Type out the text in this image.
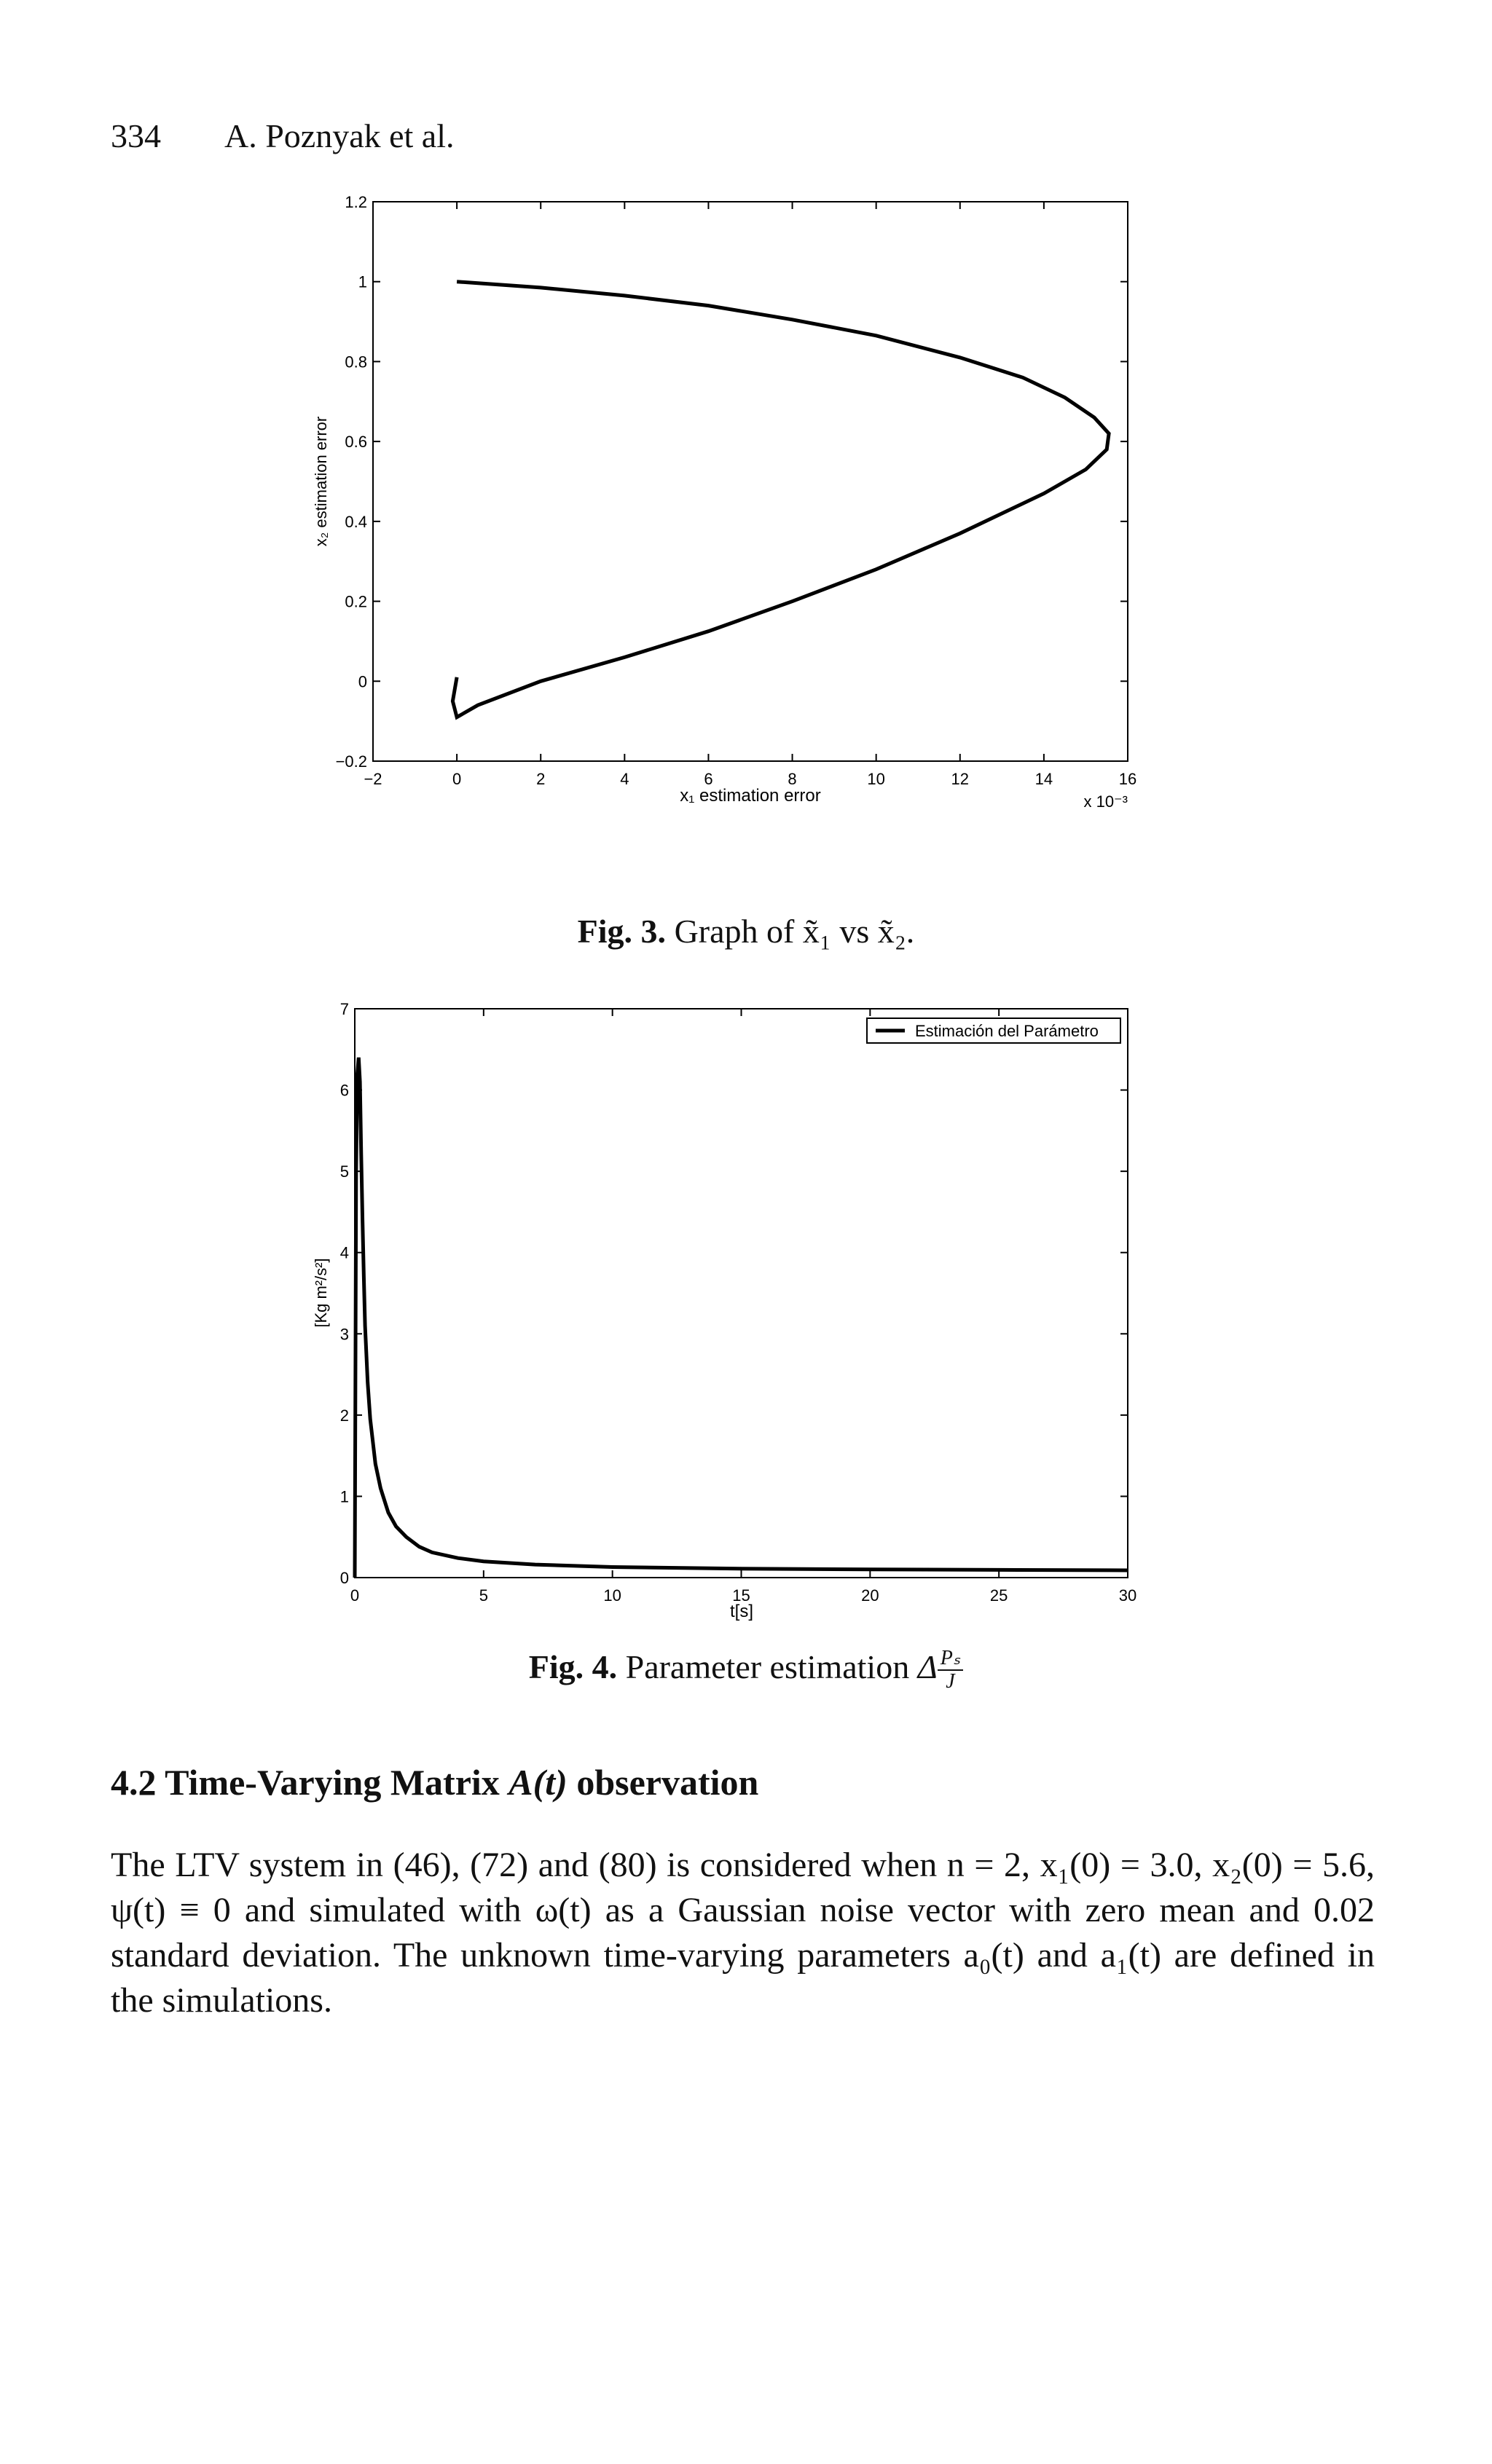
334 A. Poznyak et al.
−2	0	2	4	6	8	10	12	14	16
−0.2
0
0.2
0.4
0.6
0.8
1
1.2
x₁ estimation error	x 10⁻³
x₂ estimation error
Fig. 3. Graph of x̃₁ vs x̃₂.
0	5	10	15	20	25	30
0
1
2
3
4
5
6
7
Estimación del Parámetro
t[s]
[Kg m²/s²]
Fig. 4. Parameter estimation Δ $\frac{\text{Pₛ}}{J}$
4.2 Time-Varying Matrix A(t) observation
The LTV system in (46), (72) and (80) is considered when n = 2, x₁(0) = 3.0, x₂(0) = 5.6, ψ(t) ≡ 0 and simulated with ω(t) as a Gaussian noise vector with zero mean and 0.02 standard deviation. The unknown time-varying parameters a₀(t) and a₁(t) are defined in the simulations.
